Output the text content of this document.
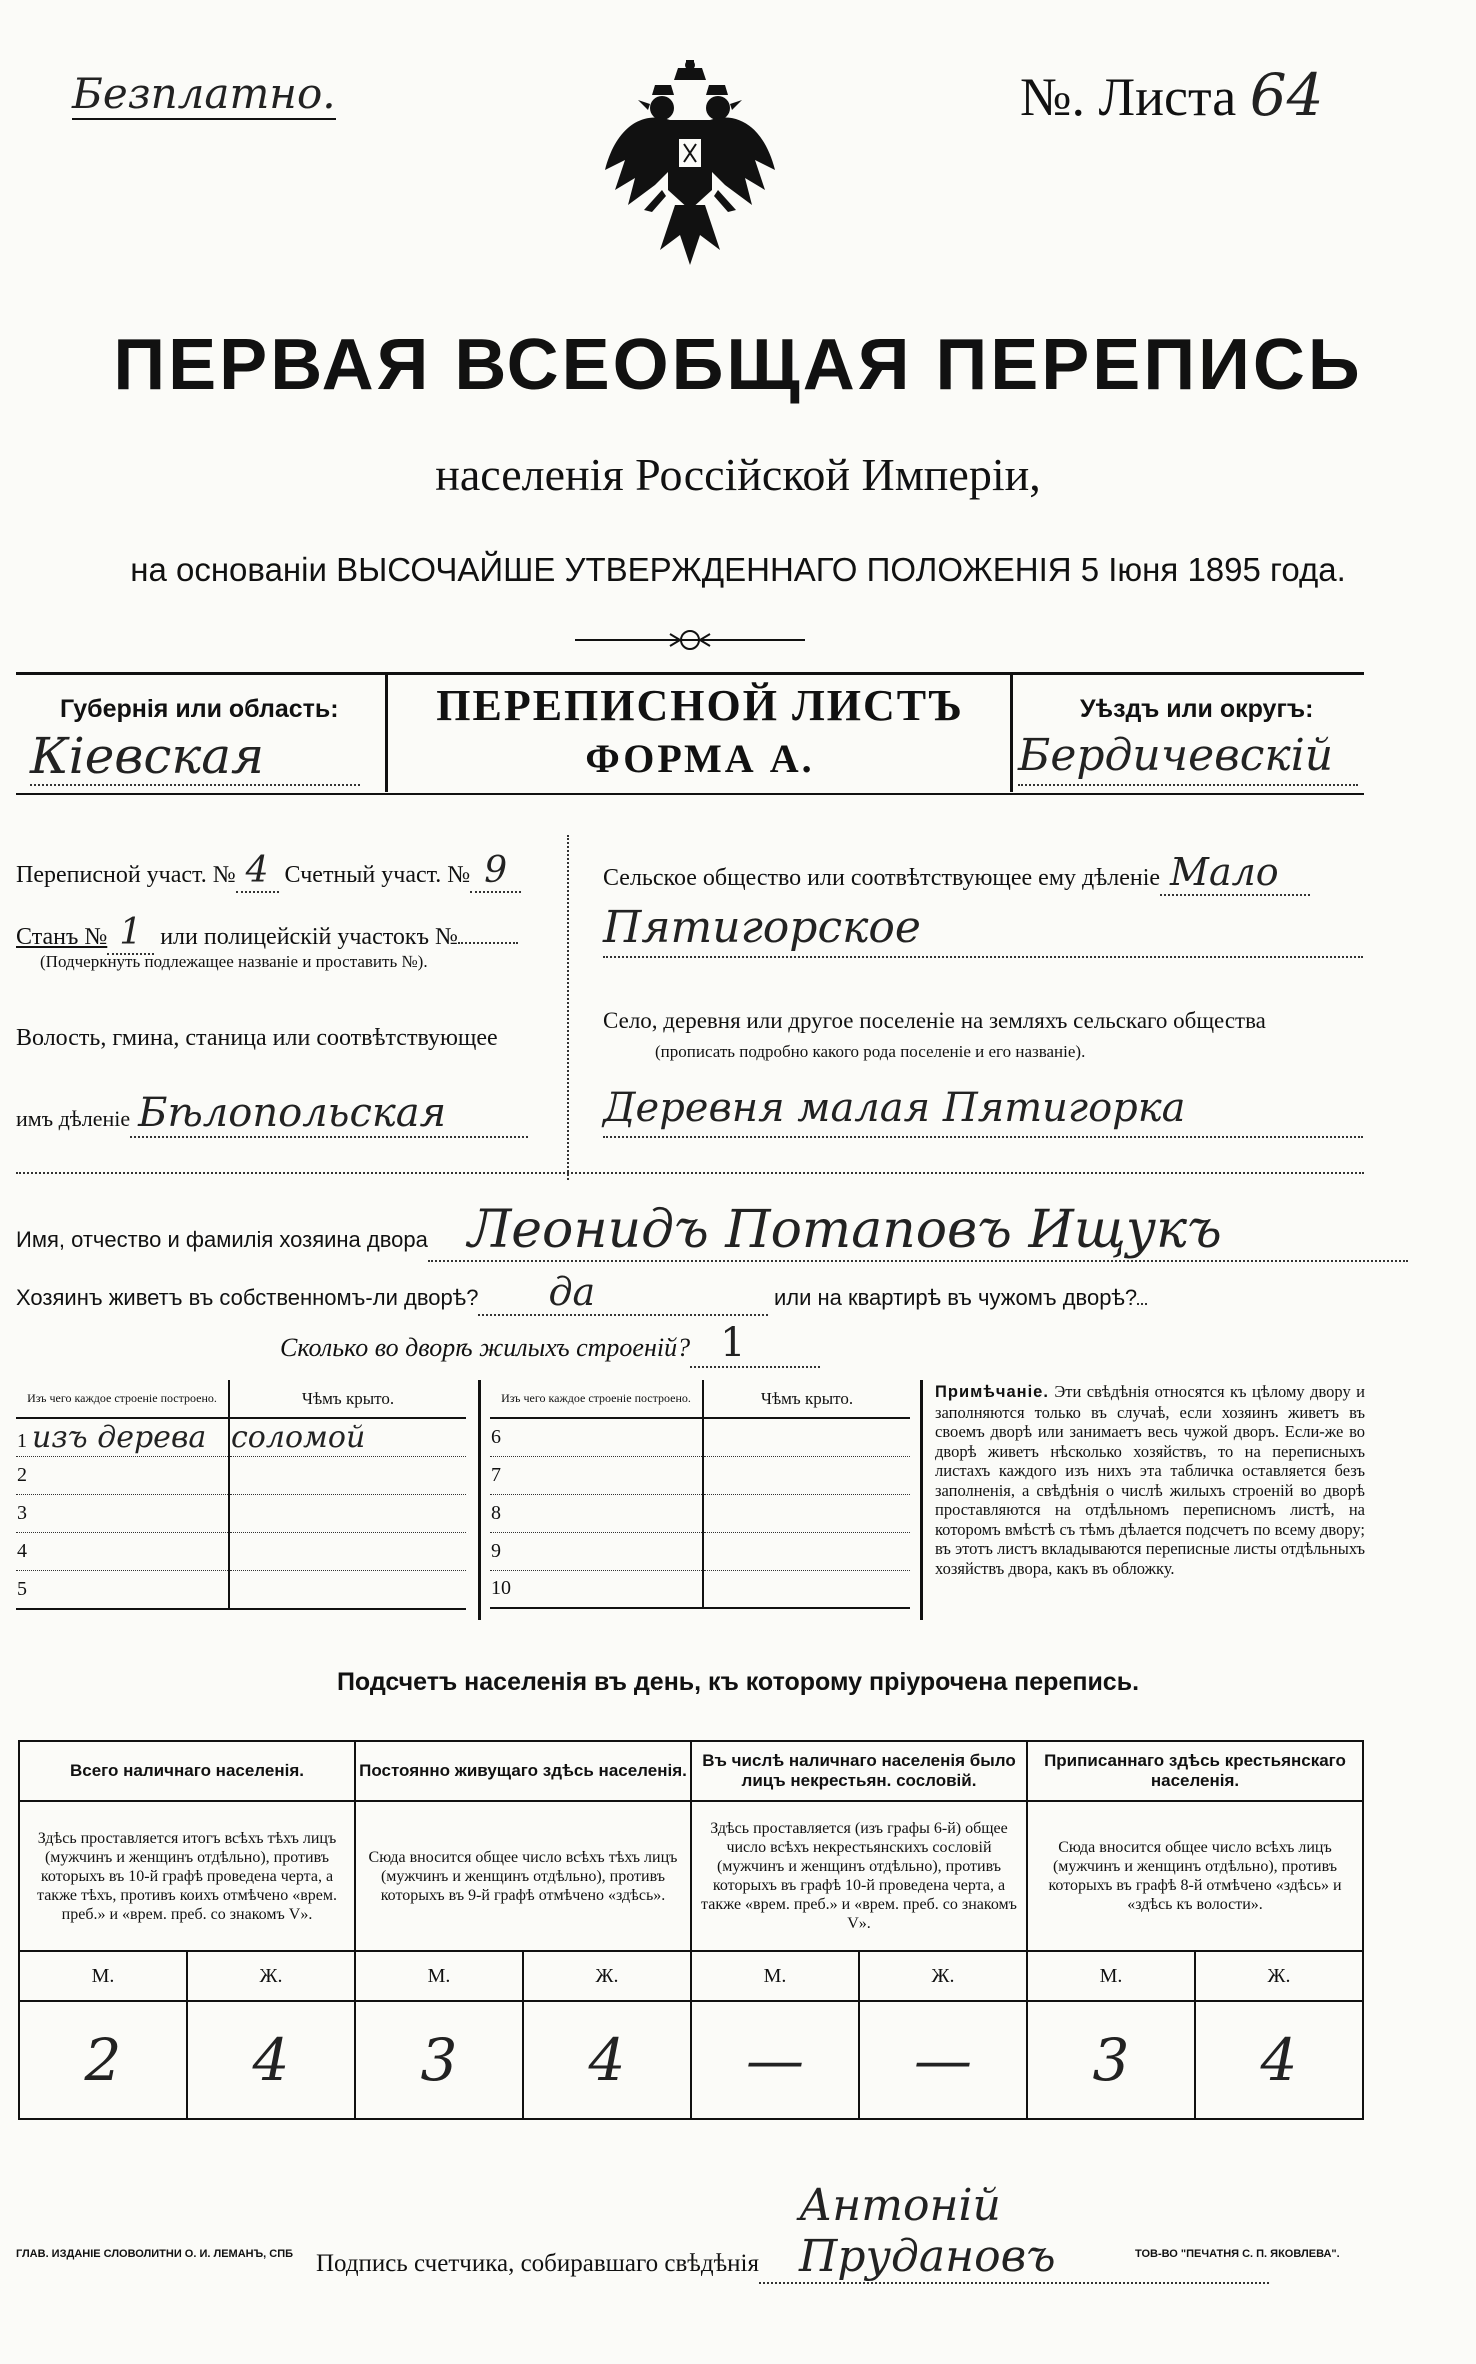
Безплатно.	№. Листа 64
ПЕРВАЯ ВСЕОБЩАЯ ПЕРЕПИСЬ
населенія Россійской Имперіи,
на основаніи ВЫСОЧАЙШЕ УТВЕРЖДЕННАГО ПОЛОЖЕНІЯ 5 Іюня 1895 года.
Губернія или область:
Кіевская
ПЕРЕПИСНОЙ ЛИСТЪ
ФОРМА А.
Уѣздъ или округъ:
Бердичевскій
Переписной участ. № 4 Счетный участ. № 9
Станъ № 1 или полицейскій участокъ №
(Подчеркнуть подлежащее названіе и проставить №).
Волость, гмина, станица или соотвѣтствующее
имъ дѣленіе Бѣлопольская
Сельское общество или соотвѣтствующее ему дѣленіе Мало
Пятигорское
Село, деревня или другое поселеніе на земляхъ сельскаго общества
(прописать подробно какого рода поселеніе и его названіе).
Деревня малая Пятигорка
Имя, отчество и фамилія хозяина двора Леонидъ Потаповъ Ищукъ
Хозяинъ живетъ въ собственномъ-ли дворѣ? да	или на квартирѣ въ чужомъ дворѣ?
Сколько во дворѣ жилыхъ строеній? 1
Изъ чего каждое строеніе построено.	Чѣмъ крыто.
1 изъ дерева	соломой
2	
3	
4	
5	
Изъ чего каждое строеніе построено.	Чѣмъ крыто.
6	
7	
8	
9	
10	
Примѣчаніе. Эти свѣдѣнія относятся къ цѣлому двору и заполняются только въ случаѣ, если хозяинъ живетъ въ своемъ дворѣ или занимаетъ весь чужой дворъ. Если-же во дворѣ живетъ нѣсколько хозяйствъ, то на переписныхъ листахъ каждого изъ нихъ эта табличка оставляется безъ заполненія, а свѣдѣнія о числѣ жилыхъ строеній во дворѣ проставляются на отдѣльномъ переписномъ листѣ, на которомъ вмѣстѣ съ тѣмъ дѣлается подсчетъ по всему двору; въ этотъ листъ вкладываются переписные листы отдѣльныхъ хозяйствъ двора, какъ въ обложку.
Подсчетъ населенія въ день, къ которому пріурочена перепись.
Всего наличнаго населенія.		Постоянно живущаго здѣсь населенія.		Въ числѣ наличнаго населенія было лицъ некрестьян. сословій.		Приписаннаго здѣсь крестьянскаго населенія.	
Здѣсь проставляется итогъ всѣхъ тѣхъ лицъ (мужчинъ и женщинъ отдѣльно), противъ которыхъ въ 10-й графѣ проведена черта, а также тѣхъ, противъ коихъ отмѣчено «врем. преб.» и «врем. преб. со знакомъ V».		Сюда вносится общее число всѣхъ тѣхъ лицъ (мужчинъ и женщинъ отдѣльно), противъ которыхъ въ 9-й графѣ отмѣчено «здѣсь».		Здѣсь проставляется (изъ графы 6-й) общее число всѣхъ некрестьянскихъ сословій (мужчинъ и женщинъ отдѣльно), противъ которыхъ въ графѣ 10-й проведена черта, а также «врем. преб.» и «врем. преб. со знакомъ V».		Сюда вносится общее число всѣхъ лицъ (мужчинъ и женщинъ отдѣльно), противъ которыхъ въ графѣ 8-й отмѣчено «здѣсь» и «здѣсь къ волости».	
М.	Ж.	М.	Ж.	М.	Ж.	М.	Ж.
2	4	3	4	—	—	3	4
Подпись счетчика, собиравшаго свѣдѣніяАнтоній Прудановъ
ГЛАВ. ИЗДАНІЕ СЛОВОЛИТНИ О. И. ЛЕМАНЪ, СПБ	ТОВ-ВО "ПЕЧАТНЯ С. П. ЯКОВЛЕВА".
